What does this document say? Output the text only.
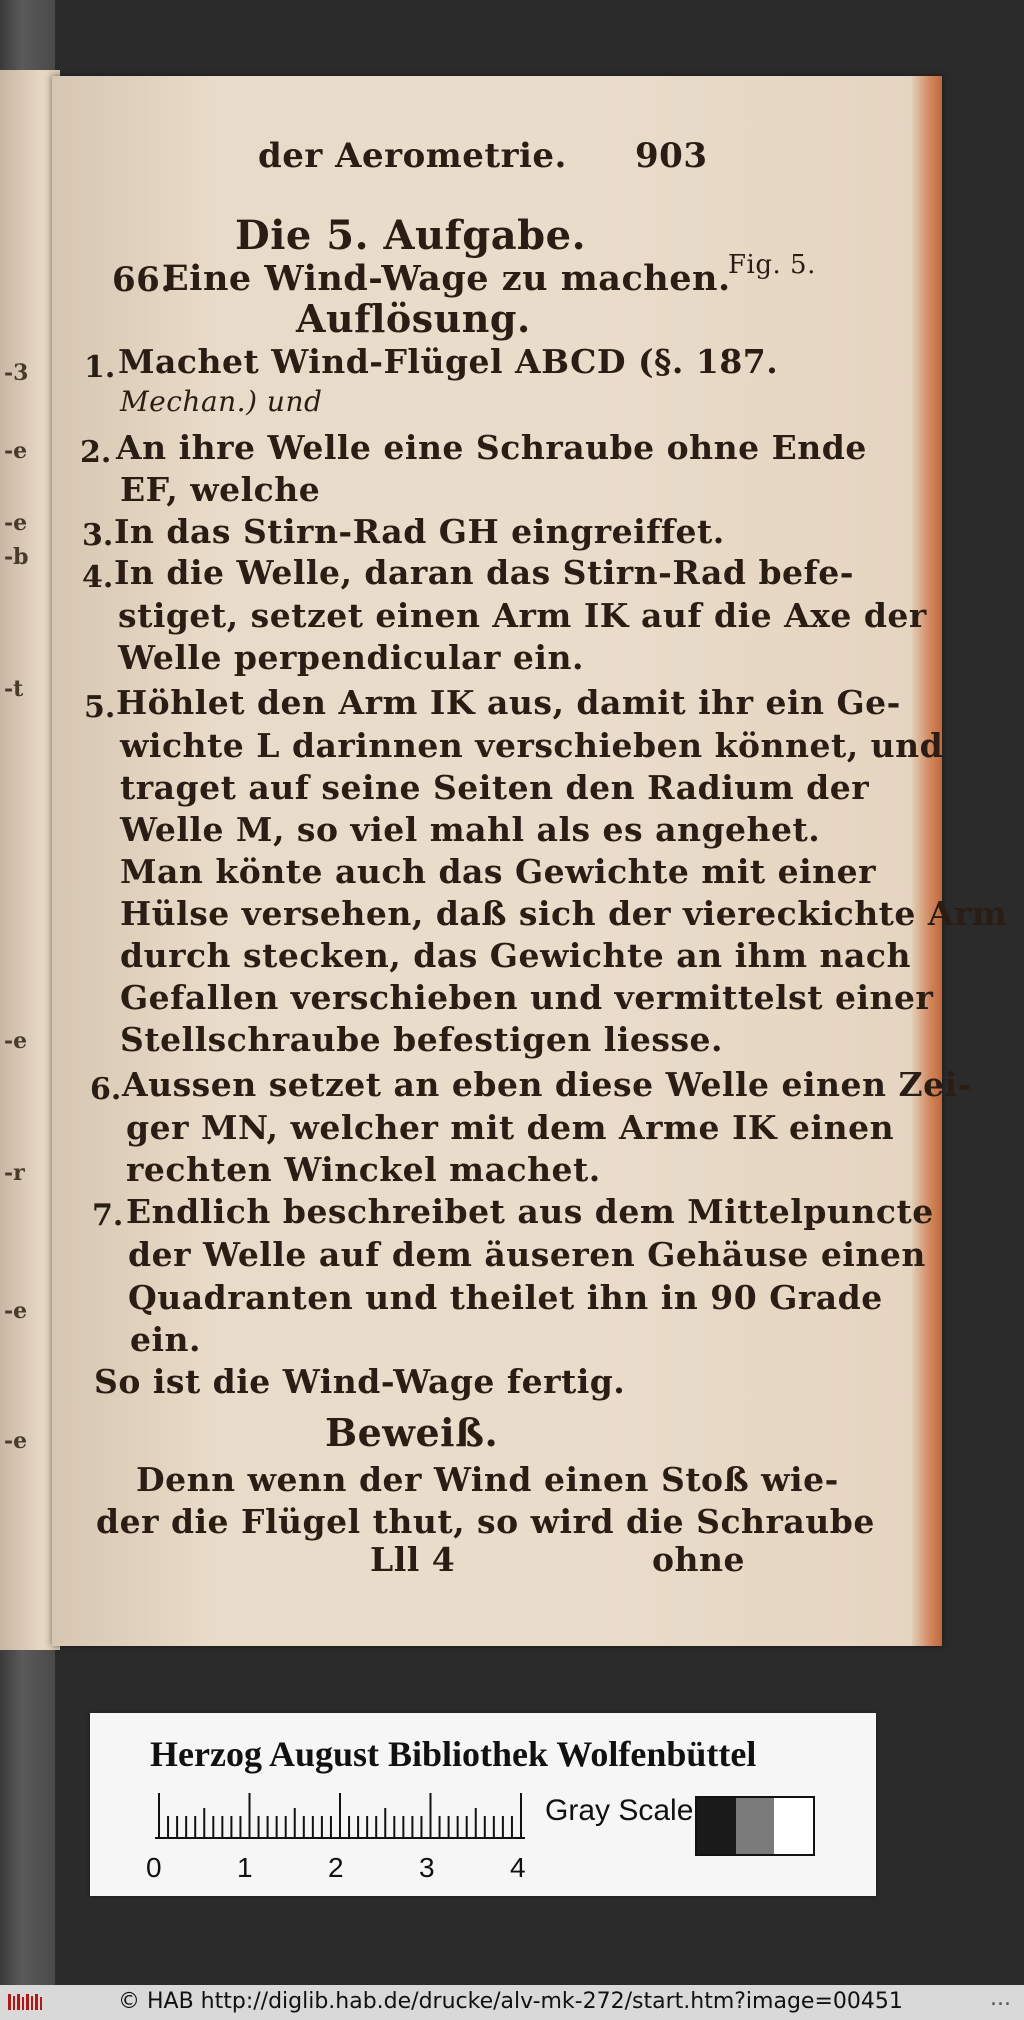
-3
-e
-e
-b
-t
-e
-r
-e
-e
der Aerometrie. 903
Die 5. Aufgabe.
66.
Eine Wind-Wage zu machen.
Fig. 5.
Auflösung.
1. Machet Wind-Flügel ABCD (§. 187.
Mechan.) und
2. An ihre Welle eine Schraube ohne Ende
EF, welche
3. In das Stirn-Rad GH eingreiffet.
4. In die Welle, daran das Stirn-Rad befe-
stiget, setzet einen Arm IK auf die Axe der
Welle perpendicular ein.
5. Höhlet den Arm IK aus, damit ihr ein Ge-
wichte L darinnen verschieben könnet, und
traget auf seine Seiten den Radium der
Welle M, so viel mahl als es angehet.
Man könte auch das Gewichte mit einer
Hülse versehen, daß sich der viereckichte Arm
durch stecken, das Gewichte an ihm nach
Gefallen verschieben und vermittelst einer
Stellschraube befestigen liesse.
6. Aussen setzet an eben diese Welle einen Zei-
ger MN, welcher mit dem Arme IK einen
rechten Winckel machet.
7. Endlich beschreibet aus dem Mittelpuncte
der Welle auf dem äuseren Gehäuse einen
Quadranten und theilet ihn in 90 Grade
ein.
So ist die Wind-Wage fertig.
Beweiß.
Denn wenn der Wind einen Stoß wie-
der die Flügel thut, so wird die Schraube
Lll 4	ohne
Herzog August Bibliothek Wolfenbüttel
0	1	2	3	4
Gray Scale
© HAB http://diglib.hab.de/drucke/alv-mk-272/start.htm?image=00451	...
